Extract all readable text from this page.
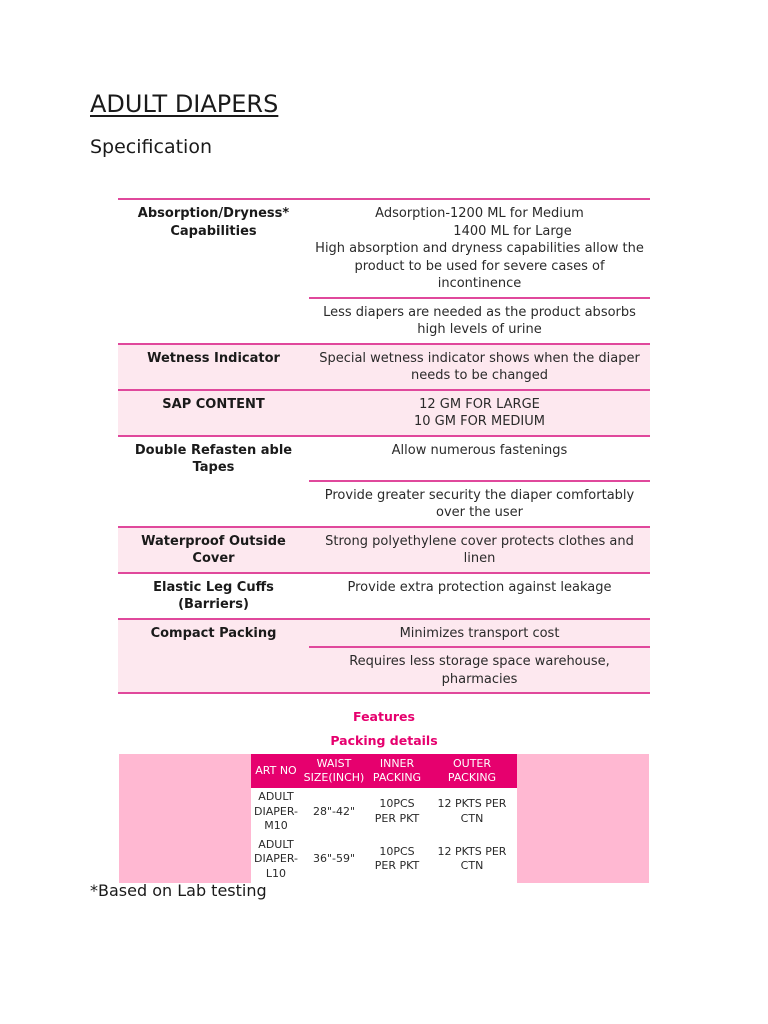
ADULT DIAPERS
Specification
Absorption/Dryness* Capabilities	Adsorption-1200 ML for Medium
1400 ML for Large
High absorption and dryness capabilities allow the product to be used for severe cases of incontinence

	Less diapers are needed as the product absorbs high levels of urine
Wetness Indicator	Special wetness indicator shows when the diaper needs to be changed
SAP CONTENT	12 GM FOR LARGE
10 GM FOR MEDIUM

Double Refasten able Tapes	Allow numerous fastenings
	Provide greater security the diaper comfortably over the user
Waterproof Outside Cover	Strong polyethylene cover protects clothes and linen
Elastic Leg Cuffs (Barriers)	Provide extra protection against leakage
Compact Packing	Minimizes transport cost
	Requires less storage space warehouse, pharmacies
Features
Packing details
ART NO	WAIST SIZE(INCH)	INNER PACKING	OUTER PACKING
ADULT DIAPER-M10	28"-42"	10PCS PER PKT	12 PKTS PER CTN
ADULT DIAPER-L10	36"-59"	10PCS PER PKT	12 PKTS PER CTN
*Based on Lab testing
